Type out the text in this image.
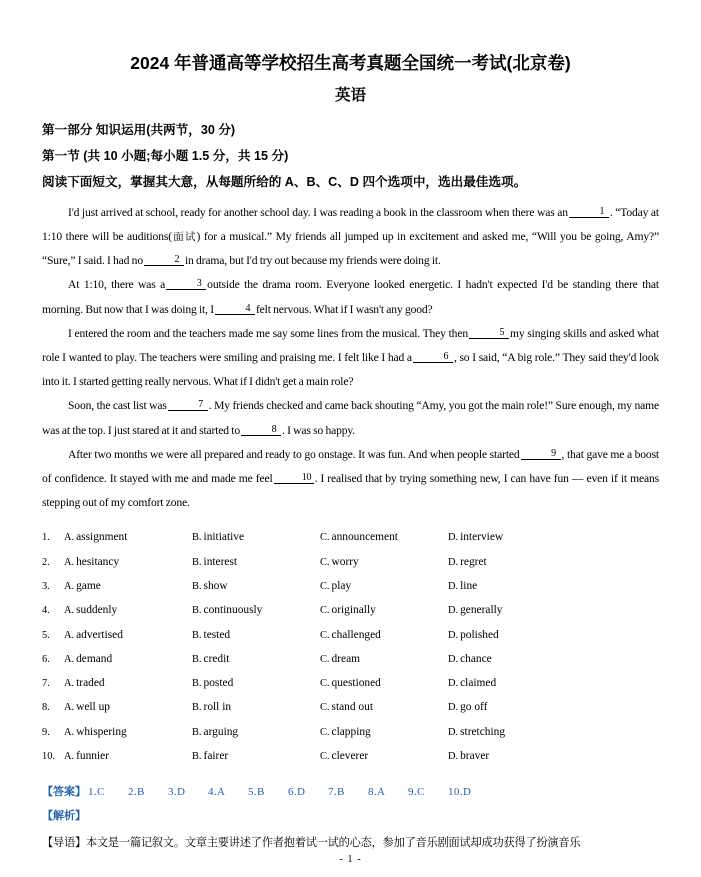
2024 年普通高等学校招生高考真题全国统一考试(北京卷)
英语
第一部分 知识运用(共两节，30 分)
第一节 (共 10 小题;每小题 1.5 分，共 15 分)
阅读下面短文，掌握其大意，从每题所给的 A、B、C、D 四个选项中，选出最佳选项。

I'd just arrived at school, ready for another school day. I was reading a book in the classroom when there was an	1 . “Today at 1:10 there will be auditions(面试) for a musical.” My friends all jumped up in excitement and asked me, “Will you be going, Amy?” “Sure,” I said. I had no	2 in drama, but I'd try out because my friends were doing it.

At 1:10, there was a	3 outside the drama room. Everyone looked energetic. I hadn't expected I'd be standing there that morning. But now that I was doing it, I	4 felt nervous. What if I wasn't any good?

I entered the room and the teachers made me say some lines from the musical. They then	5 my singing skills and asked what role I wanted to play. The teachers were smiling and praising me. I felt like I had a	6 , so I said, “A big role.” They said they'd look into it. I started getting really nervous. What if I didn't get a main role?

Soon, the cast list was	7 . My friends checked and came back shouting “Amy, you got the main role!” Sure enough, my name was at the top. I just stared at it and started to	8 . I was so happy.

After two months we were all prepared and ready to go onstage. It was fun. And when people started	9 , that gave me a boost of confidence. It stayed with me and made me feel	10 . I realised that by trying something new, I can have fun — even if it means stepping out of my comfort zone.

1.	A. assignment	B. initiative	C. announcement	D. interview
2.	A. hesitancy	B. interest	C. worry	D. regret
3.	A. game	B. show	C. play	D. line
4.	A. suddenly	B. continuously	C. originally	D. generally
5.	A. advertised	B. tested	C. challenged	D. polished
6.	A. demand	B. credit	C. dream	D. chance
7.	A. traded	B. posted	C. questioned	D. claimed
8.	A. well up	B. roll in	C. stand out	D. go off
9.	A. whispering	B. arguing	C. clapping	D. stretching
10. A. funnier	B. fairer	C. cleverer	D. braver
【答案】 1.C 2.B 3.D 4.A 5.B 6.D 7.B 8.A 9.C 10.D
【解析】
【导语】本文是一篇记叙文。文章主要讲述了作者抱着试一试的心态，参加了音乐剧面试却成功获得了扮演音乐
- 1 -
